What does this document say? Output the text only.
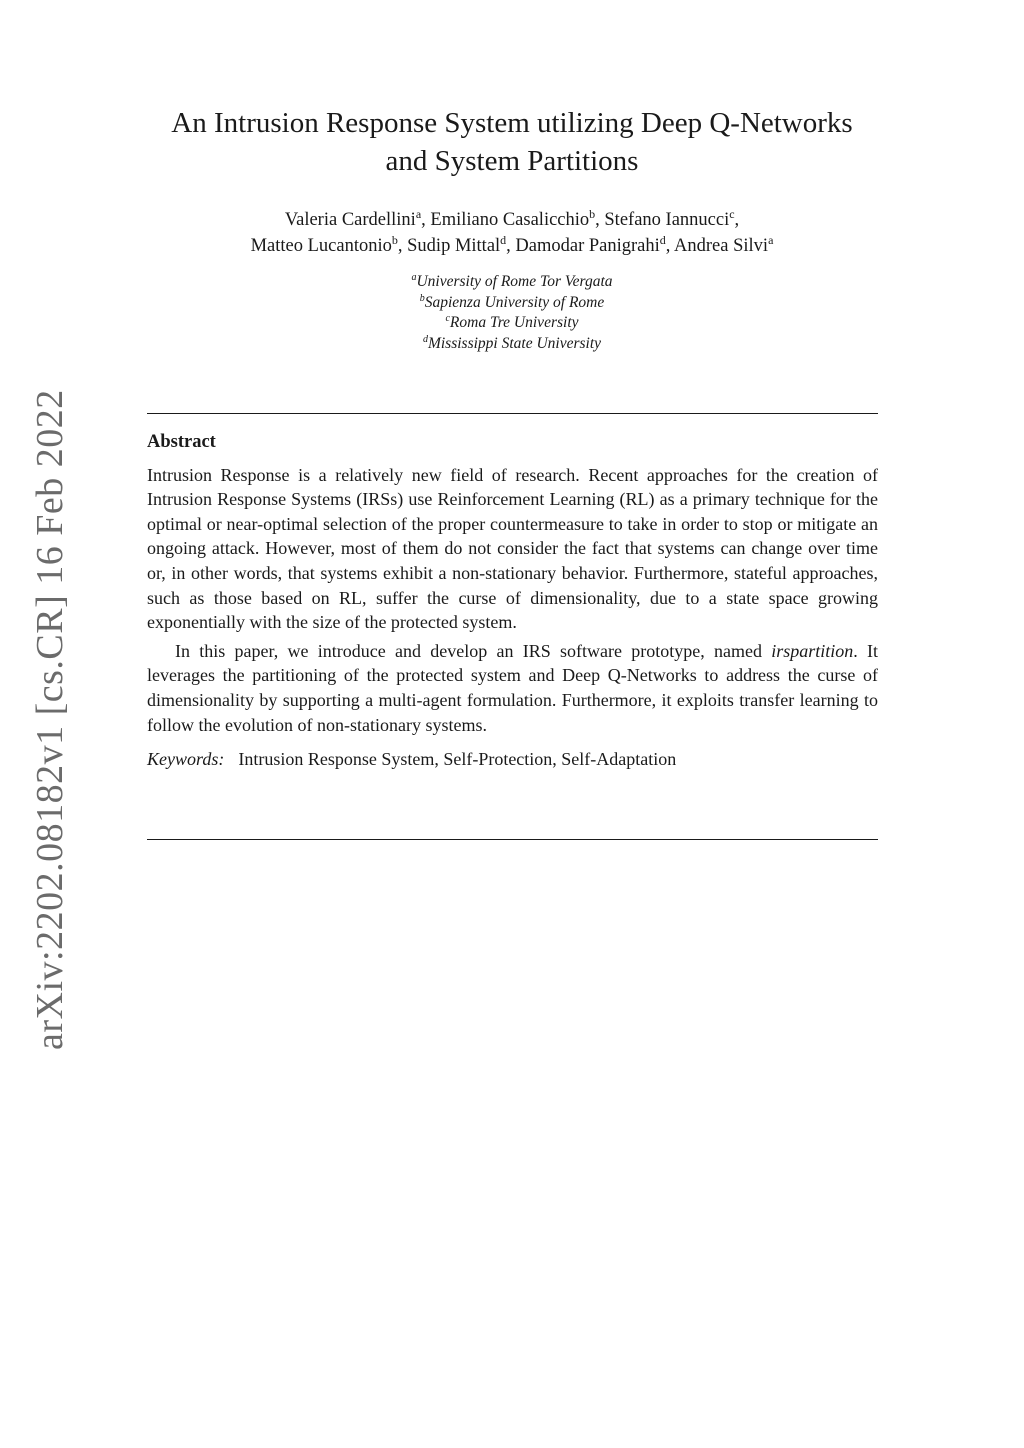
arXiv:2202.08182v1 [cs.CR] 16 Feb 2022
An Intrusion Response System utilizing Deep Q-Networks
and System Partitions
Valeria Cardellini$^a$, Emiliano Casalicchio$^b$, Stefano Iannucci$^c$,
Matteo Lucantonio$^b$, Sudip Mittal$^d$, Damodar Panigrahi$^d$, Andrea Silvi$^a$
$^a$University of Rome Tor Vergata
$^b$Sapienza University of Rome
$^c$Roma Tre University
$^d$Mississippi State University
Abstract

Intrusion Response is a relatively new field of research. Recent approaches for the creation of Intrusion Response Systems (IRSs) use Reinforcement Learning (RL) as a primary technique for the optimal or near-optimal selection of the proper countermeasure to take in order to stop or mitigate an ongoing attack. However, most of them do not consider the fact that systems can change over time or, in other words, that systems exhibit a non-stationary behavior. Furthermore, stateful approaches, such as those based on RL, suffer the curse of dimensionality, due to a state space growing exponentially with the size of the protected system.

In this paper, we introduce and develop an IRS software prototype, named irspartition. It leverages the partitioning of the protected system and Deep Q-Networks to address the curse of dimensionality by supporting a multi-agent formulation. Furthermore, it exploits transfer learning to follow the evolution of non-stationary systems.

Keywords: Intrusion Response System, Self-Protection, Self-Adaptation
